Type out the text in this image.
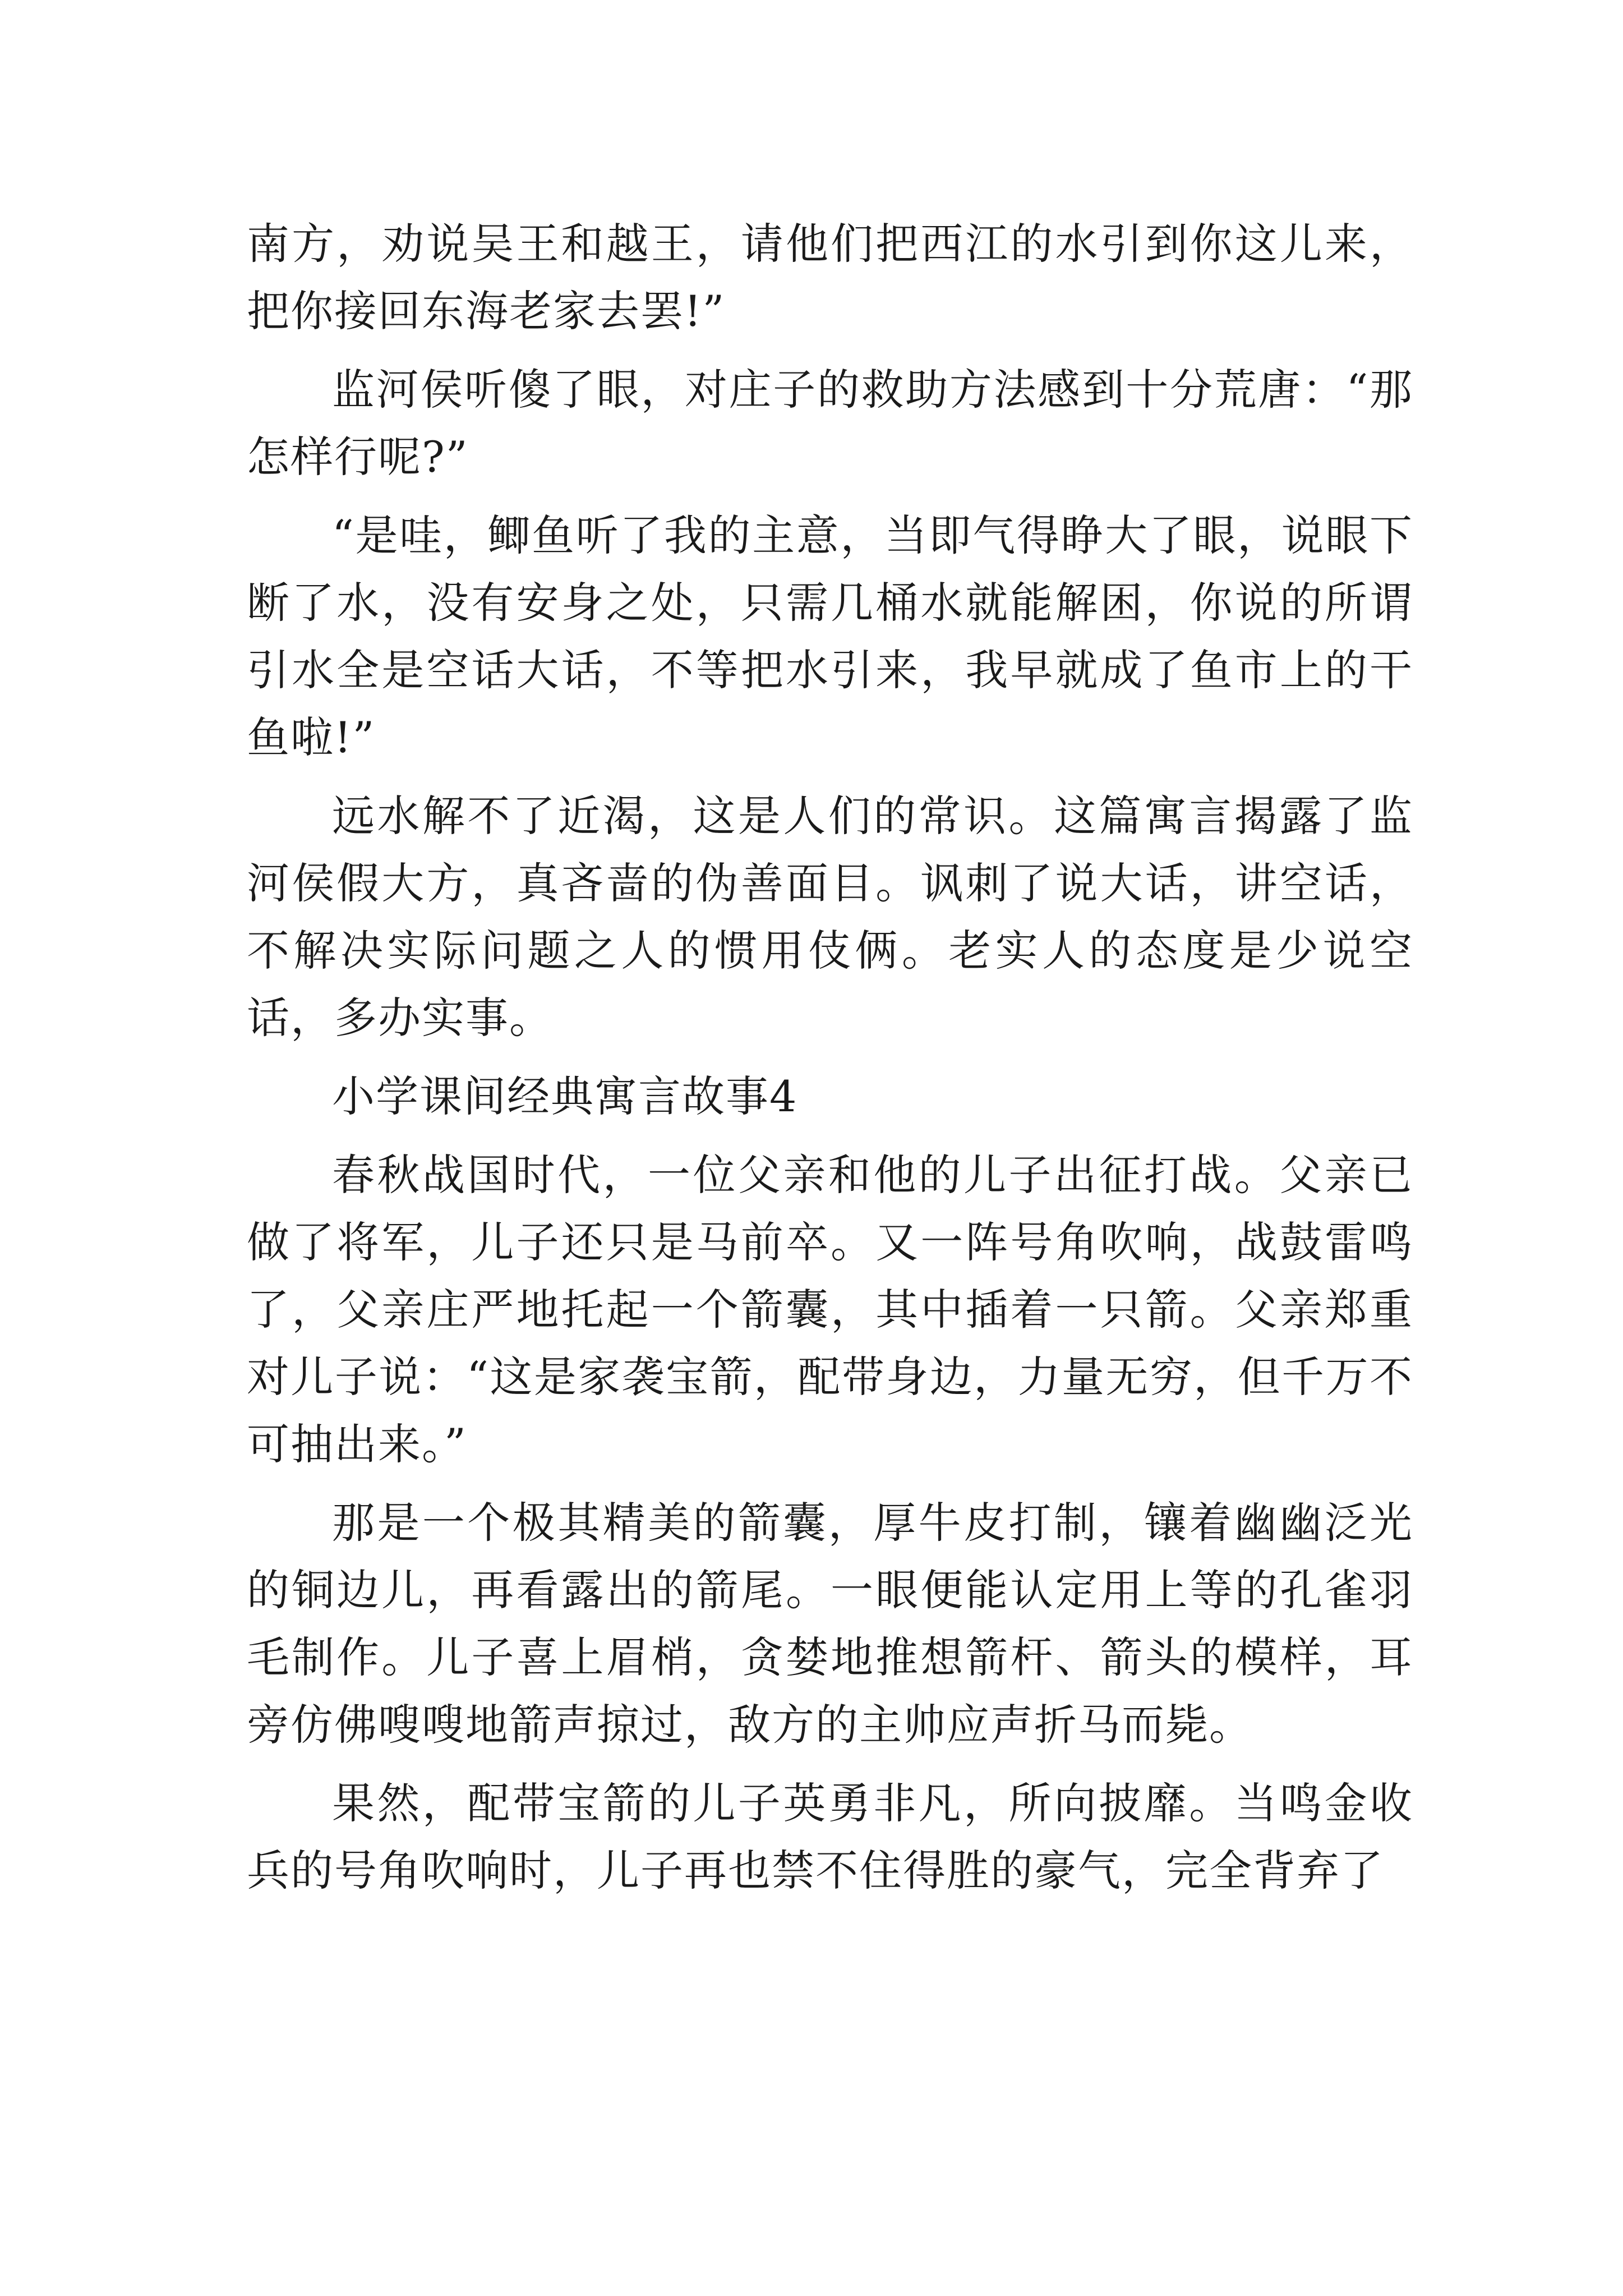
南方，劝说吴王和越王，请他们把西江的水引到你这儿来，把你接回东海老家去罢!”

监河侯听傻了眼，对庄子的救助方法感到十分荒唐：“那怎样行呢?”

“是哇，鲫鱼听了我的主意，当即气得睁大了眼，说眼下断了水，没有安身之处，只需几桶水就能解困，你说的所谓引水全是空话大话，不等把水引来，我早就成了鱼市上的干鱼啦!”

远水解不了近渴，这是人们的常识。这篇寓言揭露了监河侯假大方，真吝啬的伪善面目。讽刺了说大话，讲空话，不解决实际问题之人的惯用伎俩。老实人的态度是少说空话，多办实事。

小学课间经典寓言故事4

春秋战国时代，一位父亲和他的儿子出征打战。父亲已做了将军，儿子还只是马前卒。又一阵号角吹响，战鼓雷鸣了，父亲庄严地托起一个箭囊，其中插着一只箭。父亲郑重对儿子说：“这是家袭宝箭，配带身边，力量无穷，但千万不可抽出来。”

那是一个极其精美的箭囊，厚牛皮打制，镶着幽幽泛光的铜边儿，再看露出的箭尾。一眼便能认定用上等的孔雀羽毛制作。儿子喜上眉梢，贪婪地推想箭杆、箭头的模样，耳旁仿佛嗖嗖地箭声掠过，敌方的主帅应声折马而毙。

果然，配带宝箭的儿子英勇非凡，所向披靡。当鸣金收兵的号角吹响时，儿子再也禁不住得胜的豪气，完全背弃了
